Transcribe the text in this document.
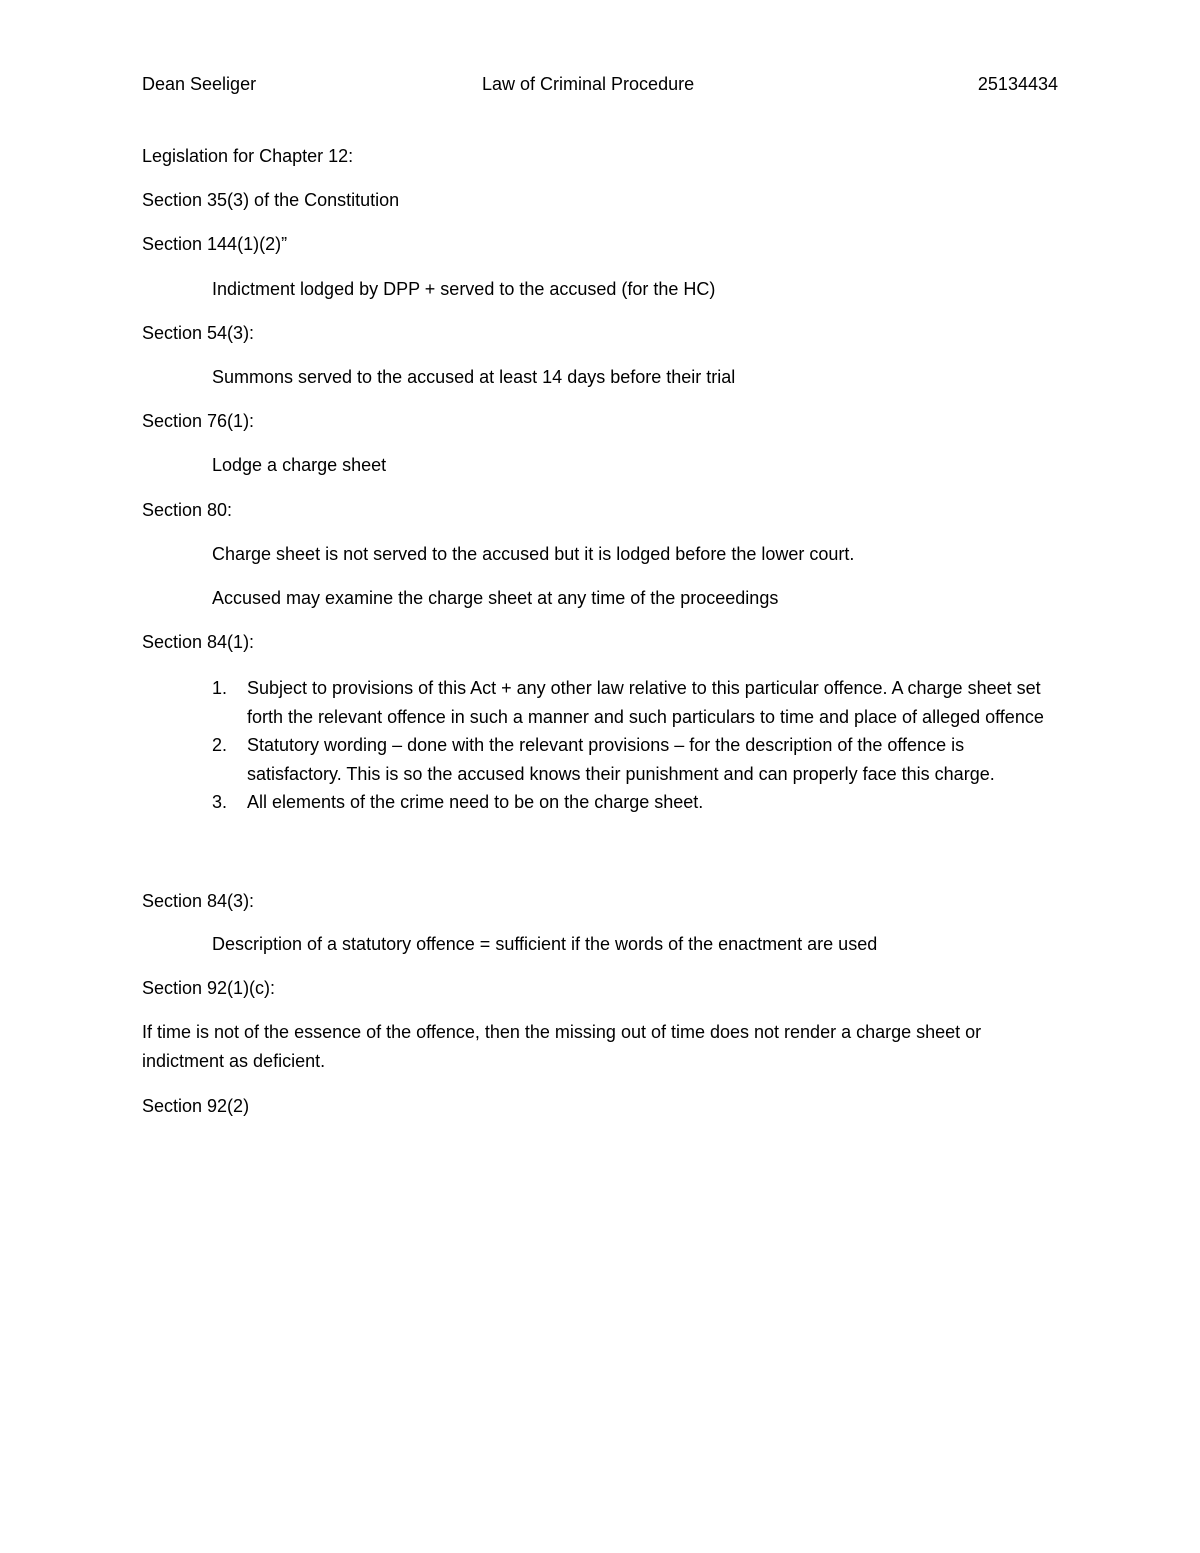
Dean Seeliger	Law of Criminal Procedure	25134434
Legislation for Chapter 12:
Section 35(3) of the Constitution
Section 144(1)(2)”
Indictment lodged by DPP + served to the accused (for the HC)
Section 54(3):
Summons served to the accused at least 14 days before their trial
Section 76(1):
Lodge a charge sheet
Section 80:
Charge sheet is not served to the accused but it is lodged before the lower court.
Accused may examine the charge sheet at any time of the proceedings
Section 84(1):
1. Subject to provisions of this Act + any other law relative to this particular offence. A charge sheet set forth the relevant offence in such a manner and such particulars to time and place of alleged offence
2. Statutory wording – done with the relevant provisions – for the description of the offence is satisfactory. This is so the accused knows their punishment and can properly face this charge.
3. All elements of the crime need to be on the charge sheet.
Section 84(3):
Description of a statutory offence = sufficient if the words of the enactment are used
Section 92(1)(c):
If time is not of the essence of the offence, then the missing out of time does not render a charge sheet or indictment as deficient.
Section 92(2)
